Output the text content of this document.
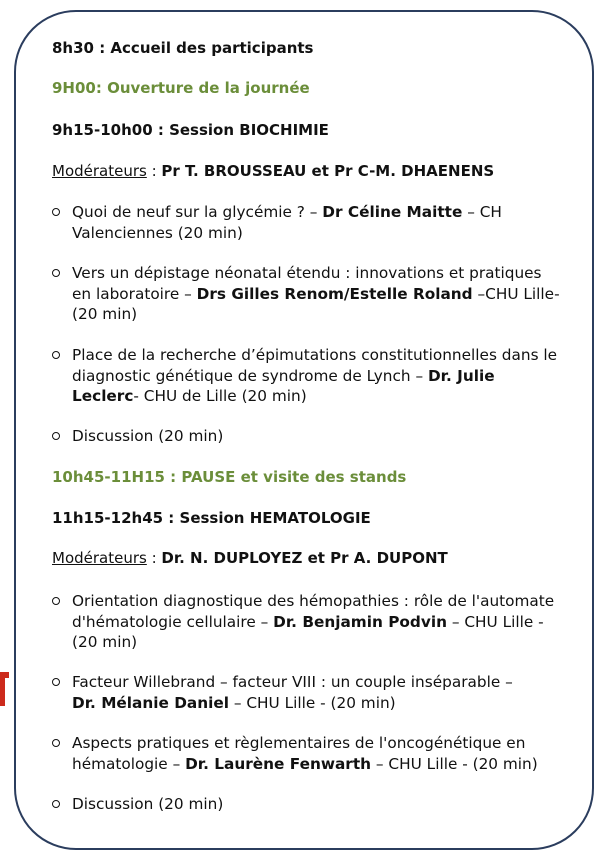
8h30 : Accueil des participants
9H00: Ouverture de la journée
9h15-10h00 : Session BIOCHIMIE
Modérateurs : Pr T. BROUSSEAU et Pr C-M. DHAENENS
Quoi de neuf sur la glycémie ? – Dr Céline Maitte – CH
Valenciennes (20 min)
Vers un dépistage néonatal étendu : innovations et pratiques
en laboratoire – Drs Gilles Renom/Estelle Roland –CHU Lille-
(20 min)
Place de la recherche d’épimutations constitutionnelles dans le
diagnostic génétique de syndrome de Lynch – Dr. Julie
Leclerc- CHU de Lille (20 min)
Discussion (20 min)
10h45-11H15 : PAUSE et visite des stands
11h15-12h45 : Session HEMATOLOGIE
Modérateurs : Dr. N. DUPLOYEZ et Pr A. DUPONT
Orientation diagnostique des hémopathies : rôle de l'automate
d'hématologie cellulaire – Dr. Benjamin Podvin – CHU Lille -
(20 min)
Facteur Willebrand – facteur VIII : un couple inséparable –
Dr. Mélanie Daniel – CHU Lille - (20 min)
Aspects pratiques et règlementaires de l'oncogénétique en
hématologie – Dr. Laurène Fenwarth – CHU Lille - (20 min)
Discussion (20 min)
